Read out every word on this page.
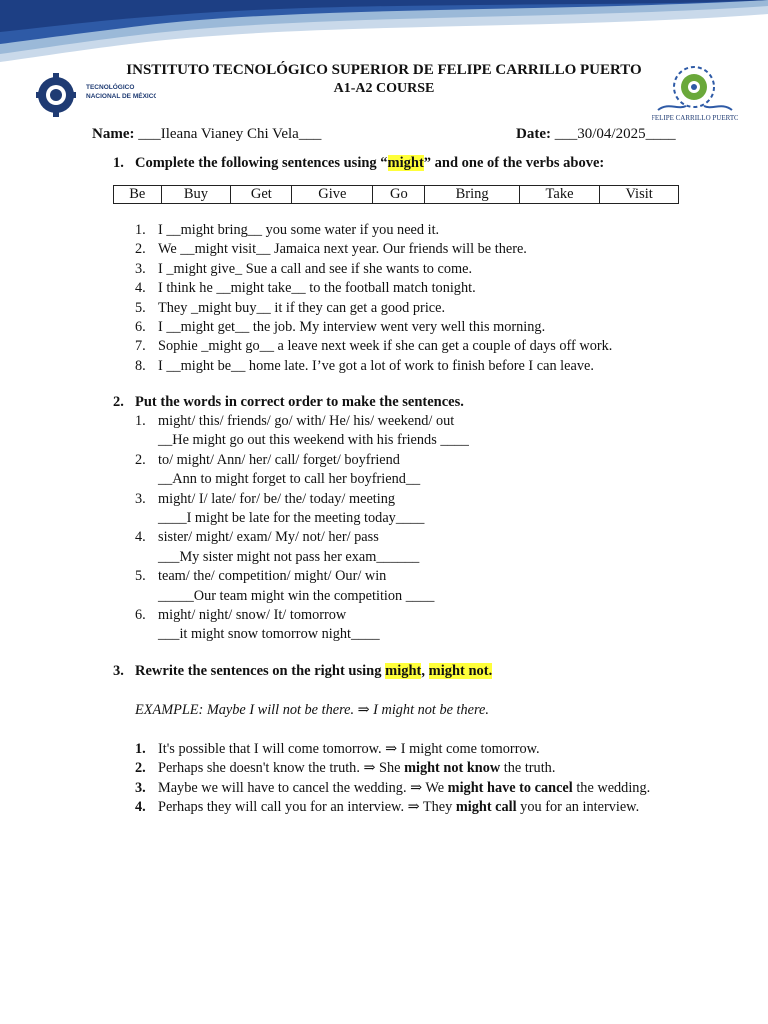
TECNOLÓGICO
NACIONAL DE MÉXICO
FELIPE CARRILLO PUERTO
INSTITUTO TECNOLÓGICO SUPERIOR DE FELIPE CARRILLO PUERTO
A1-A2 COURSE
Name: ___Ileana Vianey Chi Vela___	Date: ___30/04/2025____
1. Complete the following sentences using “might” and one of the verbs above:
Be	Buy	Get	Give	Go	Bring	Take	Visit
1. I __might bring__ you some water if you need it.
2. We __might visit__ Jamaica next year. Our friends will be there.
3. I _might give_ Sue a call and see if she wants to come.
4. I think he __might take__ to the football match tonight.
5. They _might buy__ it if they can get a good price.
6. I __might get__ the job. My interview went very well this morning.
7. Sophie _might go__ a leave next week if she can get a couple of days off work.
8. I __might be__ home late. I’ve got a lot of work to finish before I can leave.
2. Put the words in correct order to make the sentences.
1. might/ this/ friends/ go/ with/ He/ his/ weekend/ out
__He might go out this weekend with his friends ____
2. to/ might/ Ann/ her/ call/ forget/ boyfriend
__Ann to might forget to call her boyfriend__
3. might/ I/ late/ for/ be/ the/ today/ meeting
____I might be late for the meeting today____
4. sister/ might/ exam/ My/ not/ her/ pass
___My sister might not pass her exam______
5. team/ the/ competition/ might/ Our/ win
_____Our team might win the competition ____
6. might/ night/ snow/ It/ tomorrow
___it might snow tomorrow night____
3. Rewrite the sentences on the right using might, might not.
EXAMPLE: Maybe I will not be there. ⇒ I might not be there.
1. It's possible that I will come tomorrow. ⇒ I might come tomorrow.
2. Perhaps she doesn't know the truth. ⇒ She might not know the truth.
3. Maybe we will have to cancel the wedding. ⇒ We might have to cancel the wedding.
4. Perhaps they will call you for an interview. ⇒ They might call you for an interview.
